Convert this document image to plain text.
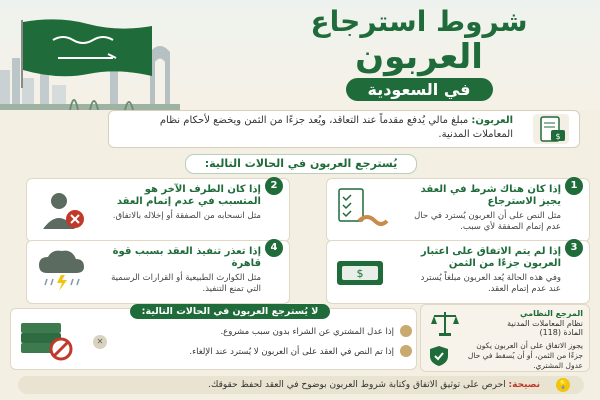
شروط استرجاع
العربون
في السعودية
$
العربون: مبلغ مالي يُدفع مقدماً عند التعاقد، ويُعد جزءًا من الثمن ويخضع لأحكام نظام المعاملات المدنية.
يُسترجع العربون في الحالات التالية:
1
إذا كان هناك شرط في العقد يجيز الاسترجاع
مثل النص على أن العربون يُسترد في حال عدم إتمام الصفقة لأي سبب.
2
إذا كان الطرف الآخر هو المتسبب في عدم إتمام العقد
مثل انسحابه من الصفقة أو إخلاله بالاتفاق.
3
إذا لم يتم الاتفاق على اعتبار العربون جزءًا من الثمن
وفي هذه الحالة يُعد العربون مبلغاً يُسترد عند عدم إتمام العقد.
$
4
إذا تعذر تنفيذ العقد بسبب قوة قاهرة
مثل الكوارث الطبيعية أو القرارات الرسمية التي تمنع التنفيذ.
✕
إذا عدل المشتري عن الشراء بدون سبب مشروع.
إذا تم النص في العقد على أن العربون لا يُسترد عند الإلغاء.
لا يُسترجع العربون في الحالات التالية:	المرجع النظامي
نظام المعاملات المدنية
المادة (118)
يجوز الاتفاق على أن العربون يكون جزءًا من الثمن، أو أن يُسقط في حال عدول المشتري.
💡
نصيحة: احرص على توثيق الاتفاق وكتابة شروط العربون بوضوح في العقد لحفظ حقوقك.
